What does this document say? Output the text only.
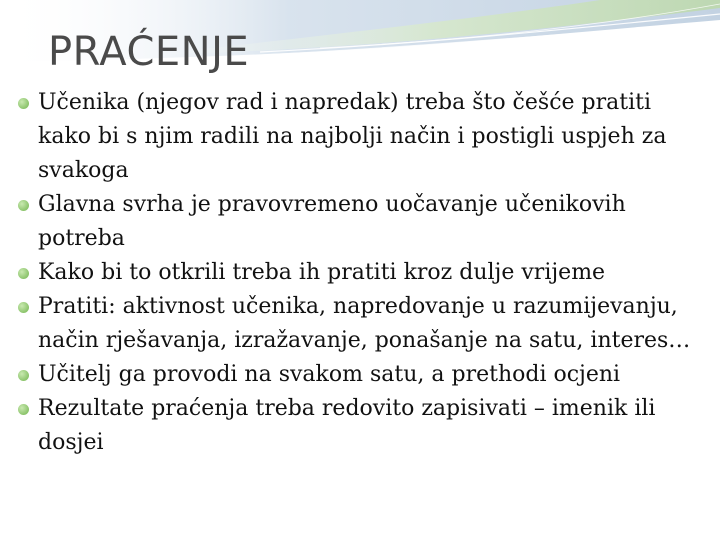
PRAĆENJE
Učenika (njegov rad i napredak) treba što češće pratiti kako bi s njim radili na najbolji način i postigli uspjeh za svakoga
Glavna svrha je pravovremeno uočavanje učenikovih potreba
Kako bi to otkrili treba ih pratiti kroz dulje vrijeme
Pratiti: aktivnost učenika, napredovanje u razumijevanju, način rješavanja, izražavanje, ponašanje na satu, interes…
Učitelj ga provodi na svakom satu, a prethodi ocjeni
Rezultate praćenja treba redovito zapisivati – imenik ili dosjei
